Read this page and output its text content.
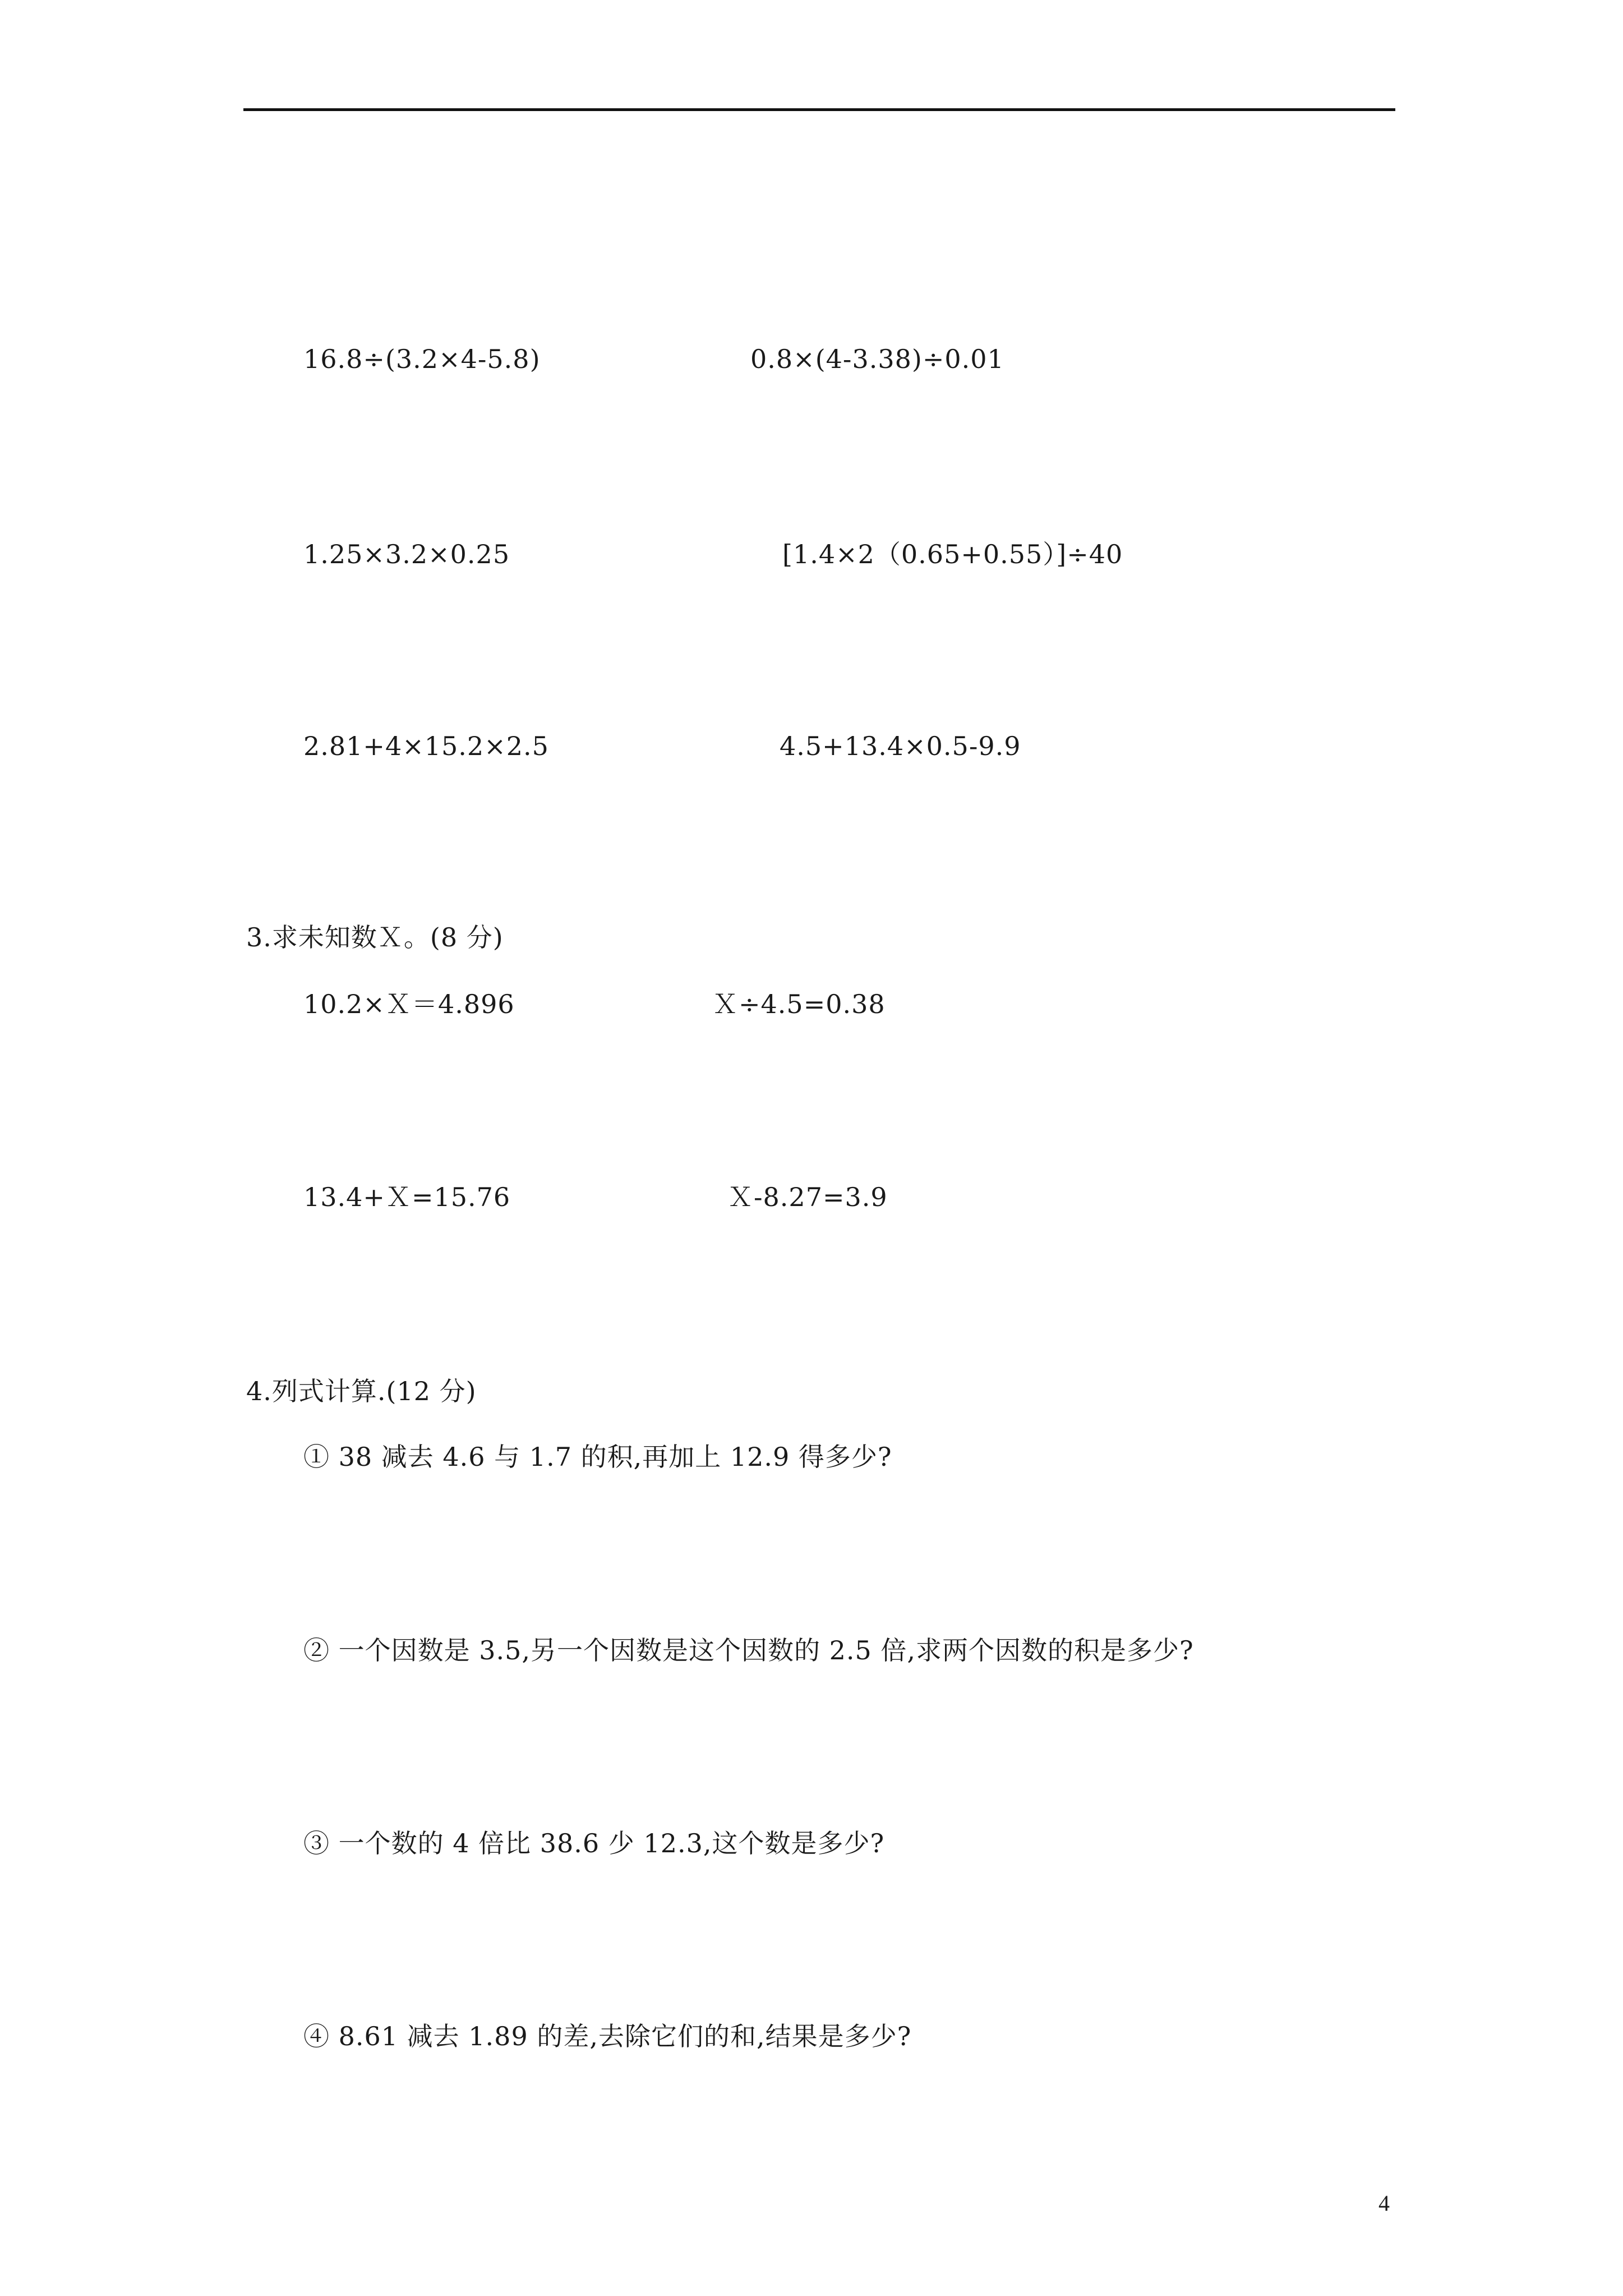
16.8÷(3.2×4-5.8)	0.8×(4-3.38)÷0.01
1.25×3.2×0.25	[1.4×2（0.65+0.55）]÷40
2.81+4×15.2×2.5	4.5+13.4×0.5-9.9
3.求未知数Ｘ。(8 分)
10.2×Ｘ＝4.896	Ｘ÷4.5=0.38
13.4+Ｘ=15.76	Ｘ-8.27=3.9
4.列式计算.(12 分)
① 38 减去 4.6 与 1.7 的积,再加上 12.9 得多少?
② 一个因数是 3.5,另一个因数是这个因数的 2.5 倍,求两个因数的积是多少?
③ 一个数的 4 倍比 38.6 少 12.3,这个数是多少?
④ 8.61 减去 1.89 的差,去除它们的和,结果是多少?
4
